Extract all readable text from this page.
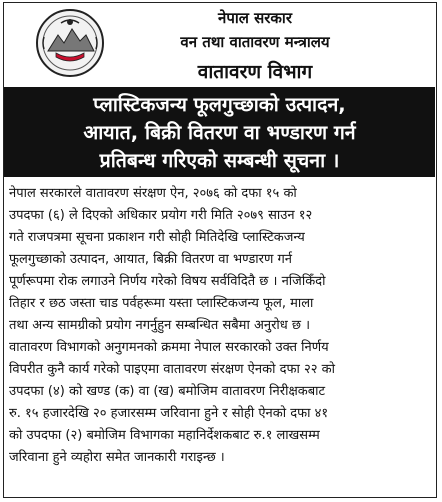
नेपाल सरकार
वन तथा वातावरण मन्त्रालय
वातावरण विभाग
प्लास्टिकजन्य फूलगुच्छाको उत्पादन,
आयात, बिक्री वितरण वा भण्डारण गर्न
प्रतिबन्ध गरिएको सम्बन्धी सूचना ।

नेपाल सरकारले वातावरण संरक्षण ऐन, २०७६ को दफा १५ को
उपदफा (६) ले दिएको अधिकार प्रयोग गरी मिति २०७९ साउन १२
गते राजपत्रमा सूचना प्रकाशन गरी सोही मितिदेखि प्लास्टिकजन्य
फूलगुच्छाको उत्पादन, आयात, बिक्री वितरण वा भण्डारण गर्न
पूर्णरूपमा रोक लगाउने निर्णय गरेको विषय सर्वविदितै छ । नजिकिँदो
तिहार र छठ जस्ता चाड पर्वहरूमा यस्ता प्लास्टिकजन्य फूल, माला
तथा अन्य सामग्रीको प्रयोग नगर्नुहुन सम्बन्धित सबैमा अनुरोध छ ।

वातावरण विभागको अनुगमनको क्रममा नेपाल सरकारको उक्त निर्णय
विपरीत कुनै कार्य गरेको पाइएमा वातावरण संरक्षण ऐनको दफा २२ को
उपदफा (४) को खण्ड (क) वा (ख) बमोजिम वातावरण निरीक्षकबाट
रु. १५ हजारदेखि २० हजारसम्म जरिवाना हुने र सोही ऐनको दफा ४१
को उपदफा (२) बमोजिम विभागका महानिर्देशकबाट रु.१ लाखसम्म
जरिवाना हुने व्यहोरा समेत जानकारी गराइन्छ ।
